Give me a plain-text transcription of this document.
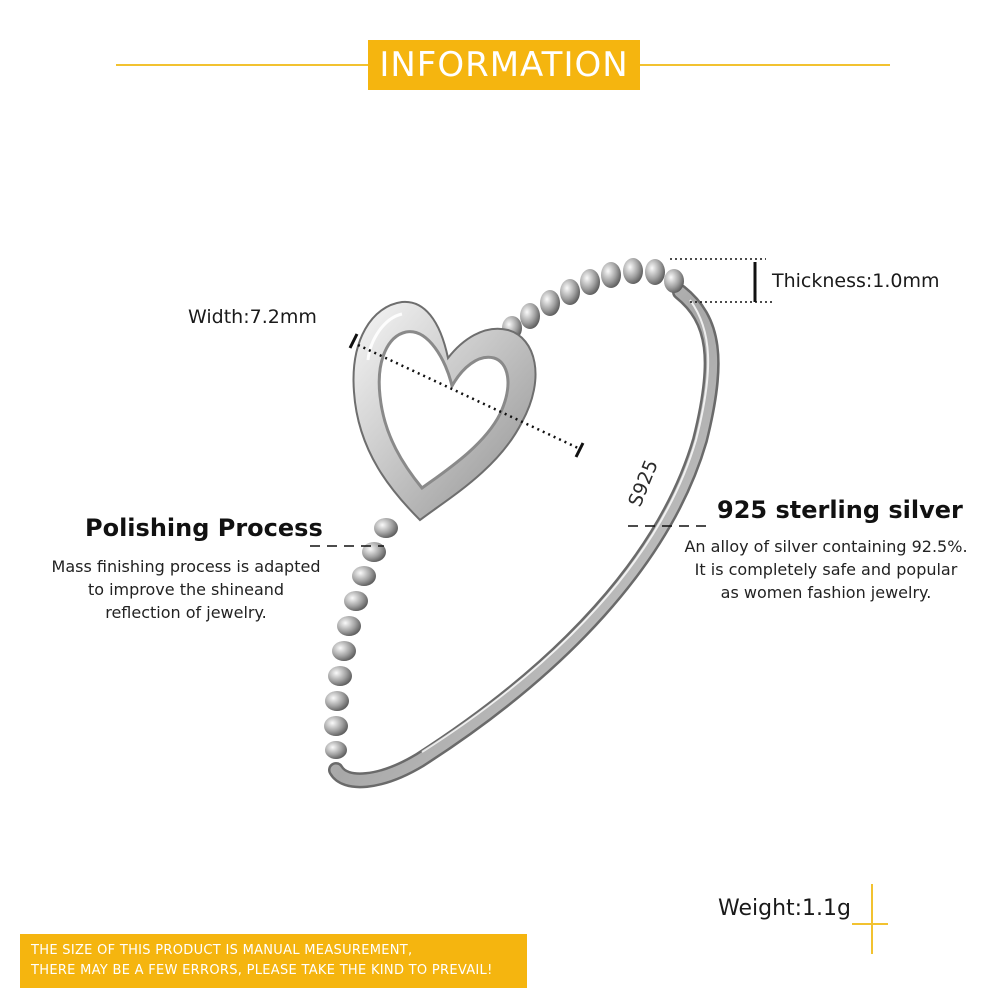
INFORMATION
S925
Width:7.2mm
Thickness:1.0mm
Weight:1.1g
Polishing Process
Mass finishing process is adapted
to improve the shineand
reflection of jewelry.
925 sterling silver
An alloy of silver containing 92.5%.
It is completely safe and popular
as women fashion jewelry.
THE SIZE OF THIS PRODUCT IS MANUAL MEASUREMENT,
THERE MAY BE A FEW ERRORS, PLEASE TAKE THE KIND TO PREVAIL!
